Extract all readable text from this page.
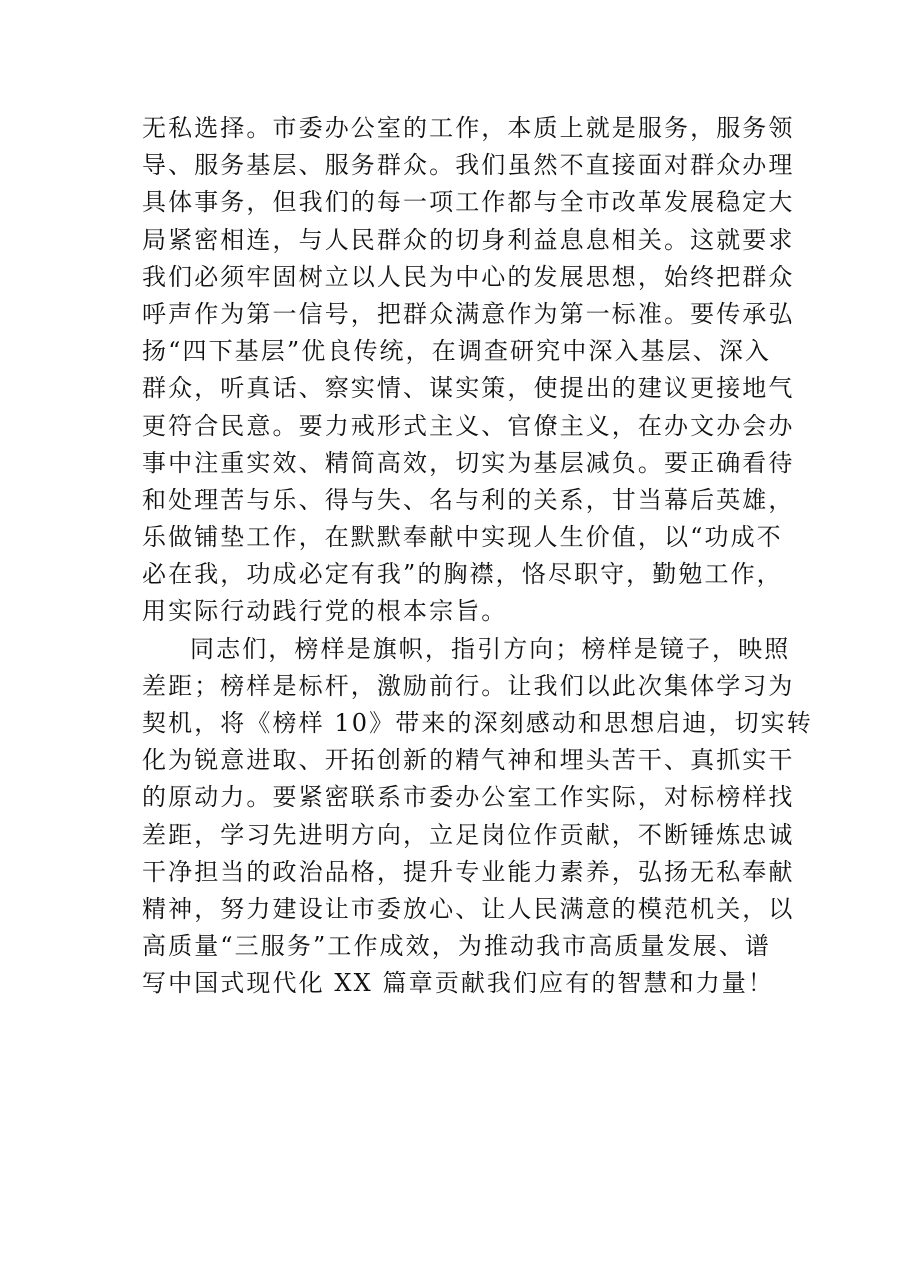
无私选择。市委办公室的工作，本质上就是服务，服务领
导、服务基层、服务群众。我们虽然不直接面对群众办理
具体事务，但我们的每一项工作都与全市改革发展稳定大
局紧密相连，与人民群众的切身利益息息相关。这就要求
我们必须牢固树立以人民为中心的发展思想，始终把群众
呼声作为第一信号，把群众满意作为第一标准。要传承弘
扬“四下基层”优良传统，在调查研究中深入基层、深入
群众，听真话、察实情、谋实策，使提出的建议更接地气
更符合民意。要力戒形式主义、官僚主义，在办文办会办
事中注重实效、精简高效，切实为基层减负。要正确看待
和处理苦与乐、得与失、名与利的关系，甘当幕后英雄，
乐做铺垫工作，在默默奉献中实现人生价值，以“功成不
必在我，功成必定有我”的胸襟，恪尽职守，勤勉工作，
用实际行动践行党的根本宗旨。
同志们，榜样是旗帜，指引方向；榜样是镜子，映照
差距；榜样是标杆，激励前行。让我们以此次集体学习为
契机，将《榜样 10》带来的深刻感动和思想启迪，切实转
化为锐意进取、开拓创新的精气神和埋头苦干、真抓实干
的原动力。要紧密联系市委办公室工作实际，对标榜样找
差距，学习先进明方向，立足岗位作贡献，不断锤炼忠诚
干净担当的政治品格，提升专业能力素养，弘扬无私奉献
精神，努力建设让市委放心、让人民满意的模范机关，以
高质量“三服务”工作成效，为推动我市高质量发展、谱
写中国式现代化 XX 篇章贡献我们应有的智慧和力量！
